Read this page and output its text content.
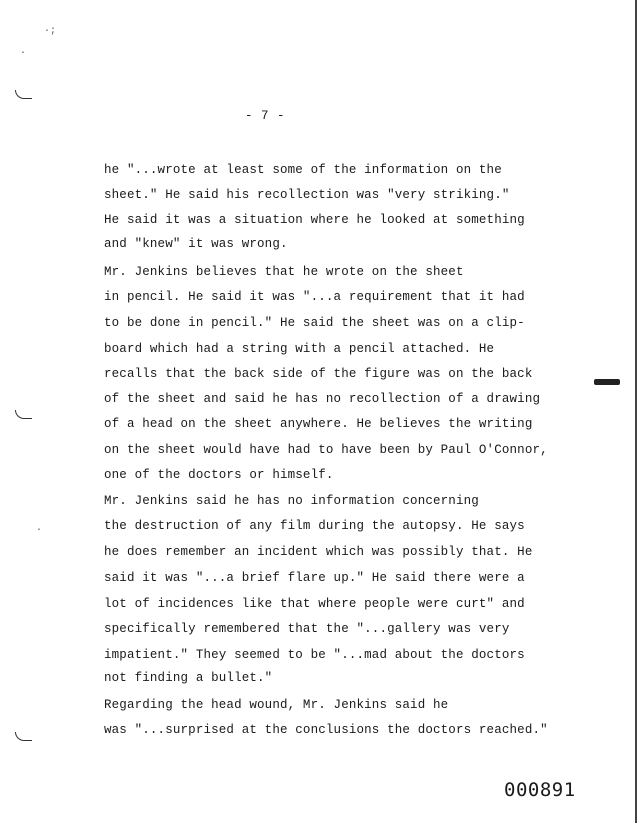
·;
·
·
- 7 -
he "...wrote at least some of the information on the
sheet." He said his recollection was "very striking."
He said it was a situation where he looked at something
and "knew" it was wrong.
Mr. Jenkins believes that he wrote on the sheet
in pencil. He said it was "...a requirement that it had
to be done in pencil." He said the sheet was on a clip-
board which had a string with a pencil attached. He
recalls that the back side of the figure was on the back
of the sheet and said he has no recollection of a drawing
of a head on the sheet anywhere. He believes the writing
on the sheet would have had to have been by Paul O'Connor,
one of the doctors or himself.
Mr. Jenkins said he has no information concerning
the destruction of any film during the autopsy. He says
he does remember an incident which was possibly that. He
said it was "...a brief flare up." He said there were a
lot of incidences like that where people were curt" and
specifically remembered that the "...gallery was very
impatient." They seemed to be "...mad about the doctors
not finding a bullet."
Regarding the head wound, Mr. Jenkins said he
was "...surprised at the conclusions the doctors reached."
000891
